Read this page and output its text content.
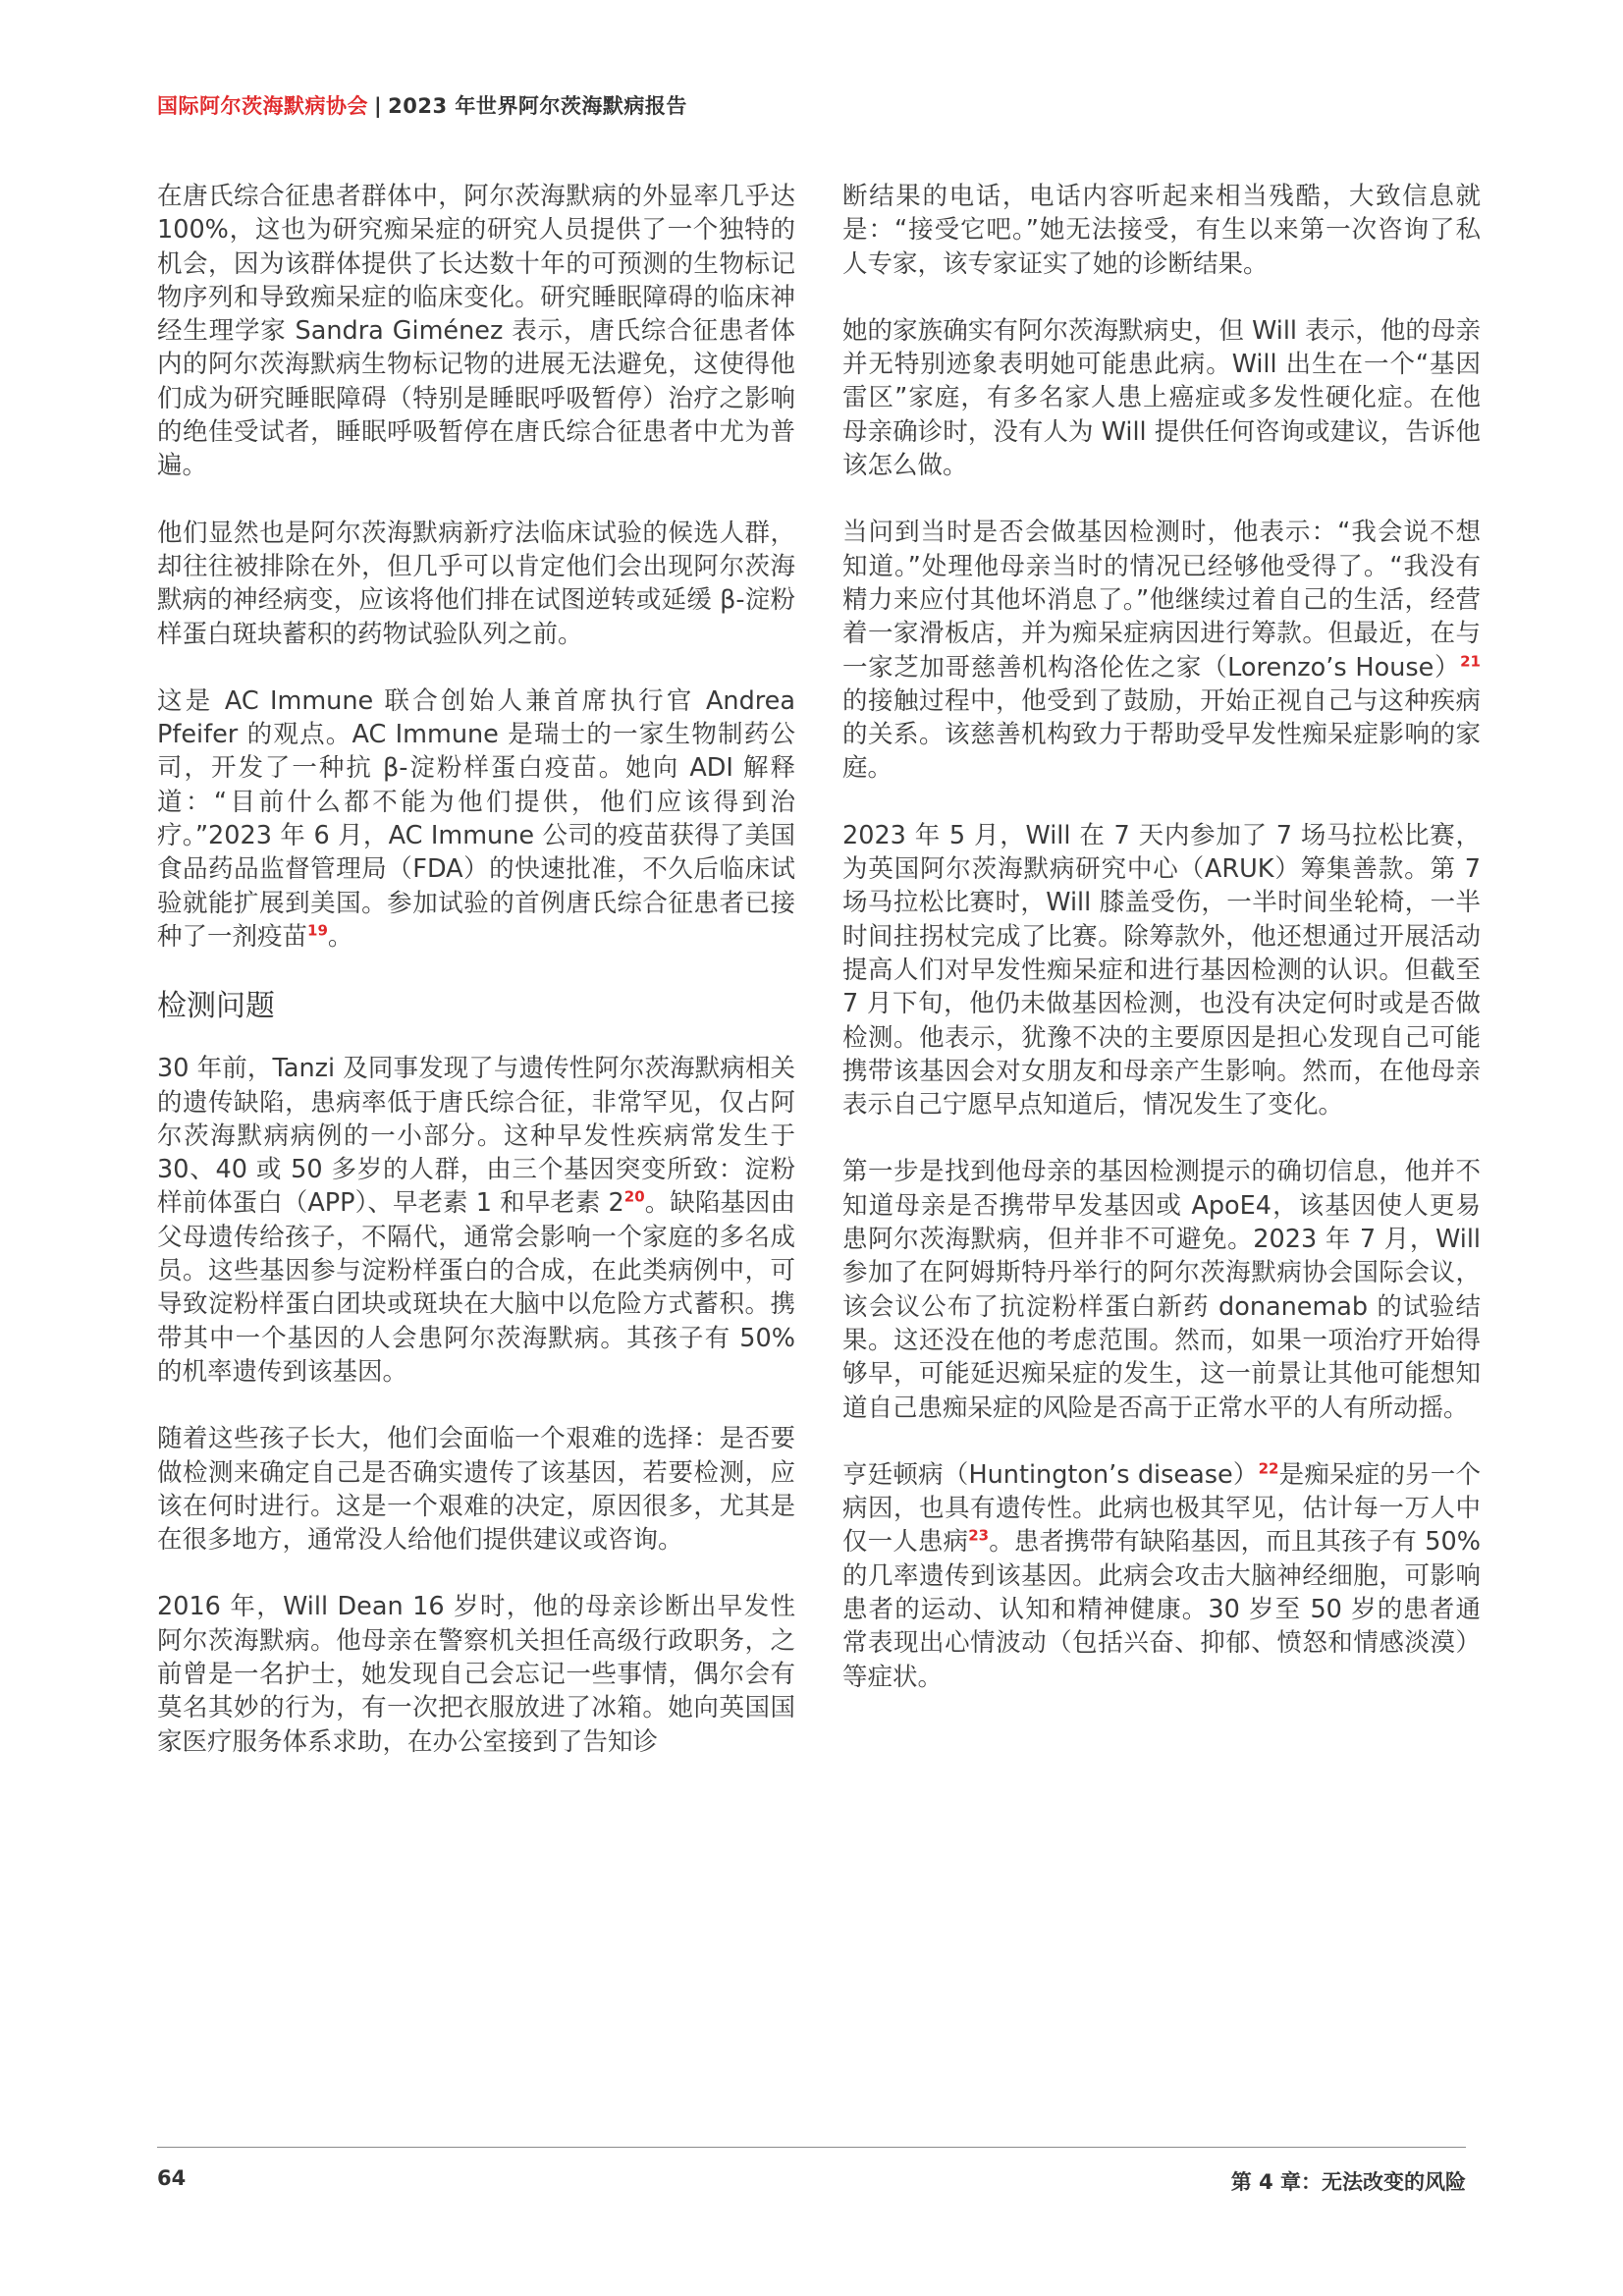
国际阿尔茨海默病协会 | 2023 年世界阿尔茨海默病报告

在唐氏综合征患者群体中，阿尔茨海默病的外显率几乎达 100%，这也为研究痴呆症的研究人员提供了一个独特的机会，因为该群体提供了长达数十年的可预测的生物标记物序列和导致痴呆症的临床变化。研究睡眠障碍的临床神经生理学家 Sandra Giménez 表示，唐氏综合征患者体内的阿尔茨海默病生物标记物的进展无法避免，这使得他们成为研究睡眠障碍（特别是睡眠呼吸暂停）治疗之影响的绝佳受试者，睡眠呼吸暂停在唐氏综合征患者中尤为普遍。

他们显然也是阿尔茨海默病新疗法临床试验的候选人群，却往往被排除在外，但几乎可以肯定他们会出现阿尔茨海默病的神经病变，应该将他们排在试图逆转或延缓 β-淀粉样蛋白斑块蓄积的药物试验队列之前。

这是 AC Immune 联合创始人兼首席执行官 Andrea Pfeifer 的观点。AC Immune 是瑞士的一家生物制药公司，开发了一种抗 β-淀粉样蛋白疫苗。她向 ADI 解释道：“目前什么都不能为他们提供，他们应该得到治疗。”2023 年 6 月，AC Immune 公司的疫苗获得了美国食品药品监督管理局（FDA）的快速批准，不久后临床试验就能扩展到美国。参加试验的首例唐氏综合征患者已接种了一剂疫苗$^{19}$。

检测问题

30 年前，Tanzi 及同事发现了与遗传性阿尔茨海默病相关的遗传缺陷，患病率低于唐氏综合征，非常罕见，仅占阿尔茨海默病病例的一小部分。这种早发性疾病常发生于 30、40 或 50 多岁的人群，由三个基因突变所致：淀粉样前体蛋白（APP）、早老素 1 和早老素 2$^{20}$。缺陷基因由父母遗传给孩子，不隔代，通常会影响一个家庭的多名成员。这些基因参与淀粉样蛋白的合成，在此类病例中，可导致淀粉样蛋白团块或斑块在大脑中以危险方式蓄积。携带其中一个基因的人会患阿尔茨海默病。其孩子有 50% 的机率遗传到该基因。

随着这些孩子长大，他们会面临一个艰难的选择：是否要做检测来确定自己是否确实遗传了该基因，若要检测，应该在何时进行。这是一个艰难的决定，原因很多，尤其是在很多地方，通常没人给他们提供建议或咨询。

2016 年，Will Dean 16 岁时，他的母亲诊断出早发性阿尔茨海默病。他母亲在警察机关担任高级行政职务，之前曾是一名护士，她发现自己会忘记一些事情，偶尔会有莫名其妙的行为，有一次把衣服放进了冰箱。她向英国国家医疗服务体系求助，在办公室接到了告知诊

断结果的电话，电话内容听起来相当残酷，大致信息就是：“接受它吧。”她无法接受，有生以来第一次咨询了私人专家，该专家证实了她的诊断结果。

她的家族确实有阿尔茨海默病史，但 Will 表示，他的母亲并无特别迹象表明她可能患此病。Will 出生在一个“基因雷区”家庭，有多名家人患上癌症或多发性硬化症。在他母亲确诊时，没有人为 Will 提供任何咨询或建议，告诉他该怎么做。

当问到当时是否会做基因检测时，他表示：“我会说不想知道。”处理他母亲当时的情况已经够他受得了。“我没有精力来应付其他坏消息了。”他继续过着自己的生活，经营着一家滑板店，并为痴呆症病因进行筹款。但最近，在与一家芝加哥慈善机构洛伦佐之家（Lorenzo’s House）$^{21}$的接触过程中，他受到了鼓励，开始正视自己与这种疾病的关系。该慈善机构致力于帮助受早发性痴呆症影响的家庭。

2023 年 5 月，Will 在 7 天内参加了 7 场马拉松比赛，为英国阿尔茨海默病研究中心（ARUK）筹集善款。第 7 场马拉松比赛时，Will 膝盖受伤，一半时间坐轮椅，一半时间拄拐杖完成了比赛。除筹款外，他还想通过开展活动提高人们对早发性痴呆症和进行基因检测的认识。但截至 7 月下旬，他仍未做基因检测，也没有决定何时或是否做检测。他表示，犹豫不决的主要原因是担心发现自己可能携带该基因会对女朋友和母亲产生影响。然而，在他母亲表示自己宁愿早点知道后，情况发生了变化。

第一步是找到他母亲的基因检测提示的确切信息，他并不知道母亲是否携带早发基因或 ApoE4，该基因使人更易患阿尔茨海默病，但并非不可避免。2023 年 7 月，Will 参加了在阿姆斯特丹举行的阿尔茨海默病协会国际会议，该会议公布了抗淀粉样蛋白新药 donanemab 的试验结果。这还没在他的考虑范围。然而，如果一项治疗开始得够早，可能延迟痴呆症的发生，这一前景让其他可能想知道自己患痴呆症的风险是否高于正常水平的人有所动摇。

亨廷顿病（Huntington’s disease）$^{22}$是痴呆症的另一个病因，也具有遗传性。此病也极其罕见，估计每一万人中仅一人患病$^{23}$。患者携带有缺陷基因，而且其孩子有 50% 的几率遗传到该基因。此病会攻击大脑神经细胞，可影响患者的运动、认知和精神健康。30 岁至 50 岁的患者通常表现出心情波动（包括兴奋、抑郁、愤怒和情感淡漠）等症状。

64	第 4 章：无法改变的风险
